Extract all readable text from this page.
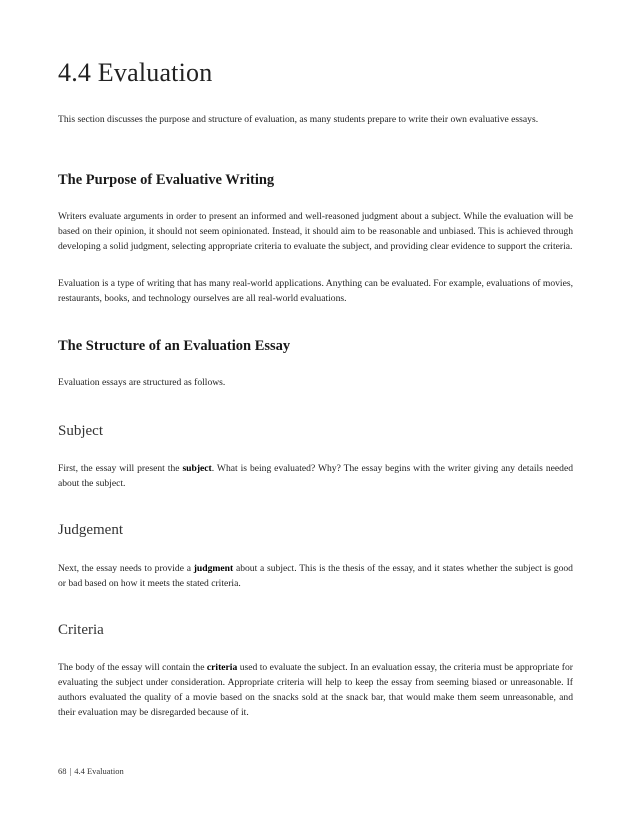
4.4 Evaluation

This section discusses the purpose and structure of evaluation, as many students prepare to write their own evaluative essays.

The Purpose of Evaluative Writing

Writers evaluate arguments in order to present an informed and well-reasoned judgment about a subject. While the evaluation will be based on their opinion, it should not seem opinionated. Instead, it should aim to be reasonable and unbiased. This is achieved through developing a solid judgment, selecting appropriate criteria to evaluate the subject, and providing clear evidence to support the criteria.

Evaluation is a type of writing that has many real-world applications. Anything can be evaluated. For example, evaluations of movies, restaurants, books, and technology ourselves are all real-world evaluations.

The Structure of an Evaluation Essay

Evaluation essays are structured as follows.

Subject

First, the essay will present the subject. What is being evaluated? Why? The essay begins with the writer giving any details needed about the subject.

Judgement

Next, the essay needs to provide a judgment about a subject. This is the thesis of the essay, and it states whether the subject is good or bad based on how it meets the stated criteria.

Criteria

The body of the essay will contain the criteria used to evaluate the subject. In an evaluation essay, the criteria must be appropriate for evaluating the subject under consideration. Appropriate criteria will help to keep the essay from seeming biased or unreasonable. If authors evaluated the quality of a movie based on the snacks sold at the snack bar, that would make them seem unreasonable, and their evaluation may be disregarded because of it.

68 | 4.4 Evaluation
